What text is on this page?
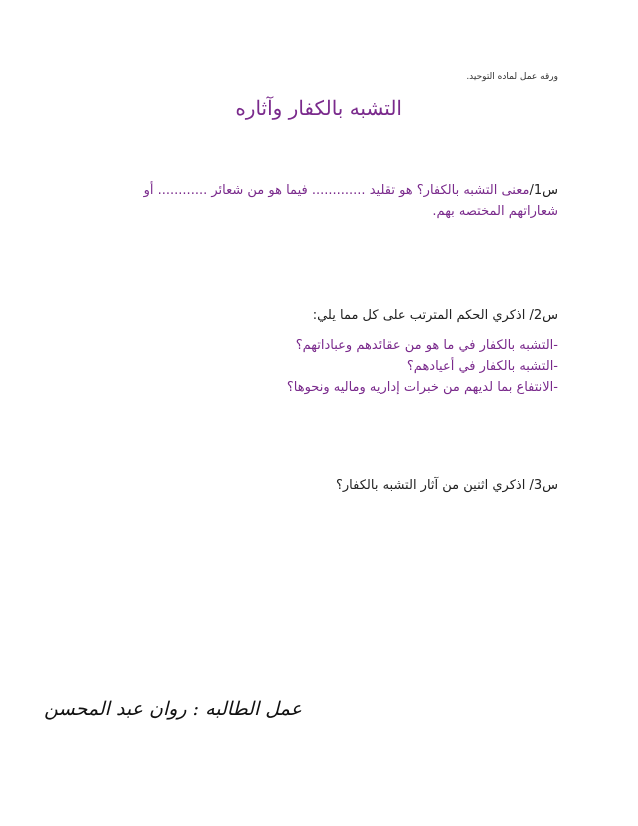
ورقه عمل لماده التوحيد.
التشبه بالكفار وآثاره
س1/معنى التشبه بالكفار؟ هو تقليد ............. فيما هو من شعائر ............ أو
شعاراتهم المختصه بهم.
س2/ اذكري الحكم المترتب على كل مما يلي:
-التشبه بالكفار في ما هو من عقائدهم وعباداتهم؟
-التشبه بالكفار في أعيادهم؟
-الانتفاع بما لديهم من خبرات إداريه وماليه ونحوها؟
س3/ اذكري اثنين من آثار التشبه بالكفار؟
عمل الطالبه : روان عبد المحسن
